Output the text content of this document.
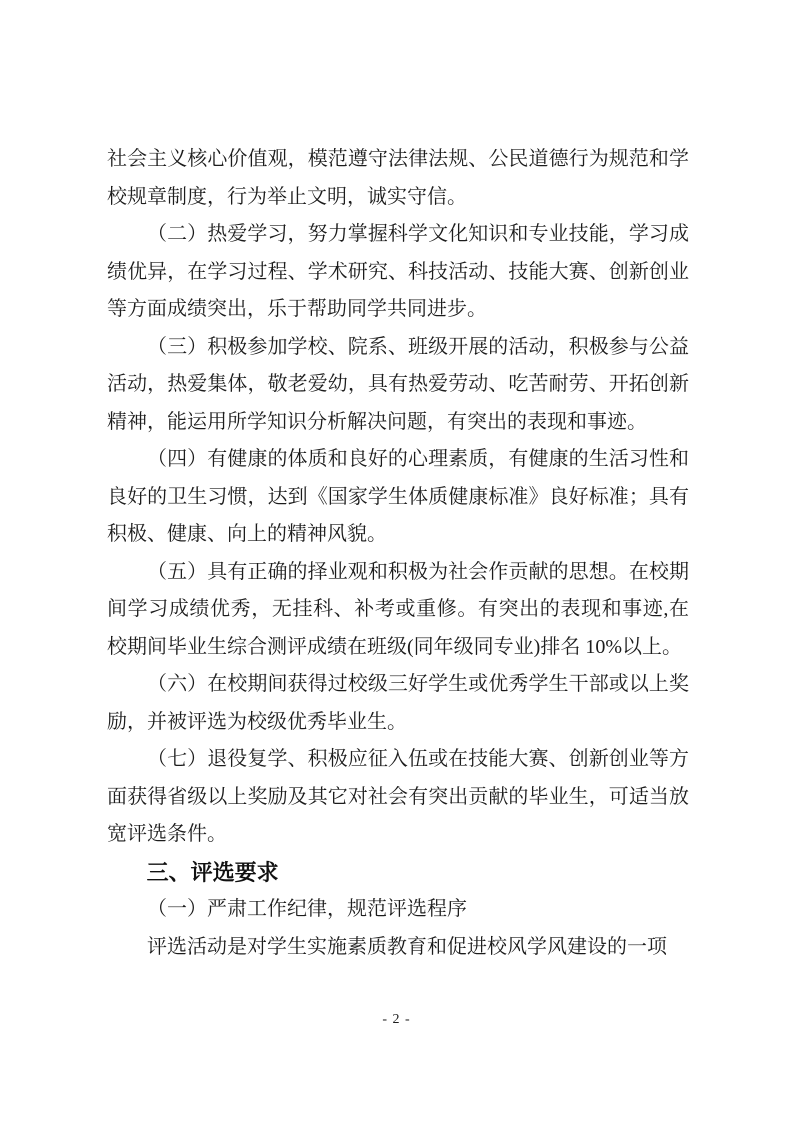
社会主义核心价值观，模范遵守法律法规、公民道德行为规范和学校规章制度，行为举止文明，诚实守信。

（二）热爱学习，努力掌握科学文化知识和专业技能，学习成绩优异，在学习过程、学术研究、科技活动、技能大赛、创新创业等方面成绩突出，乐于帮助同学共同进步。

（三）积极参加学校、院系、班级开展的活动，积极参与公益活动，热爱集体，敬老爱幼，具有热爱劳动、吃苦耐劳、开拓创新精神，能运用所学知识分析解决问题，有突出的表现和事迹。

（四）有健康的体质和良好的心理素质，有健康的生活习性和良好的卫生习惯，达到《国家学生体质健康标准》良好标准；具有积极、健康、向上的精神风貌。

（五）具有正确的择业观和积极为社会作贡献的思想。在校期间学习成绩优秀，无挂科、补考或重修。有突出的表现和事迹,在校期间毕业生综合测评成绩在班级(同年级同专业)排名 10%以上。

（六）在校期间获得过校级三好学生或优秀学生干部或以上奖励，并被评选为校级优秀毕业生。

（七）退役复学、积极应征入伍或在技能大赛、创新创业等方面获得省级以上奖励及其它对社会有突出贡献的毕业生，可适当放宽评选条件。

三、评选要求

（一）严肃工作纪律，规范评选程序

评选活动是对学生实施素质教育和促进校风学风建设的一项

- 2 -
